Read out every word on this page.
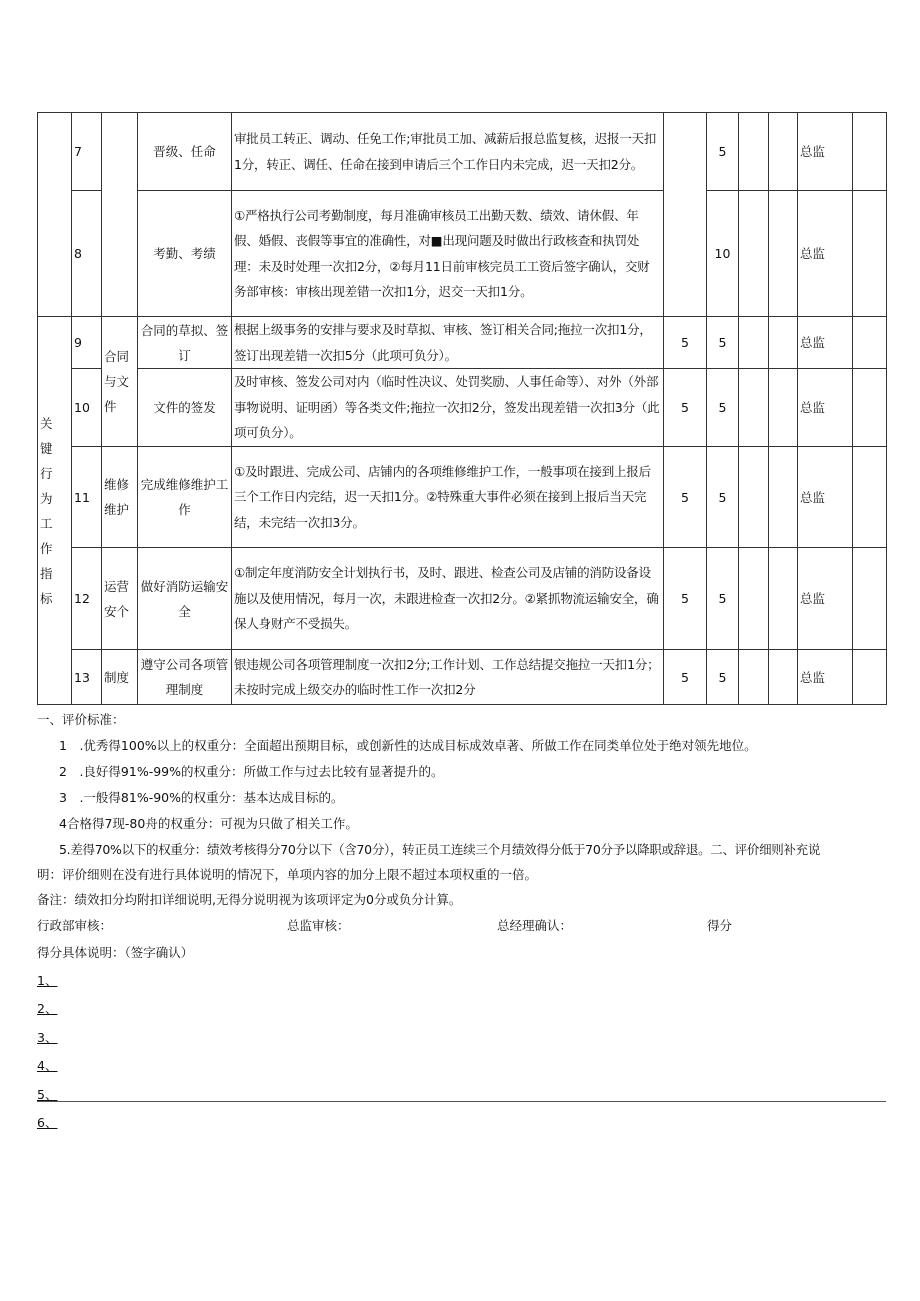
	7		晋级、任命	审批员工转正、调动、任免工作;审批员工加、减薪后报总监复核，迟报一天扣1分，转正、调任、任命在接到申请后三个工作日内未完成，迟一天扣2分。		5			总监	
	8		考勤、考绩	①严格执行公司考勤制度，每月准确审核员工出勤天数、绩效、请休假、年假、婚假、丧假等事宜的准确性，对■出现问题及时做出行政核查和执罚处理：未及时处理一次扣2分，②每月11日前审核完员工工资后签字确认，交财务部审核：审核出现差错一次扣1分，迟交一天扣1分。		10			总监	
关键行为工作指标	9	合同与文件	合同的草拟、签订	根据上级事务的安排与要求及时草拟、审核、签订相关合同;拖拉一次扣1分，签订出现差错一次扣5分（此项可负分）。	5	5			总监	
	10		文件的签发	及时审核、签发公司对内（临时性决议、处罚奖励、人事任命等）、对外（外部事物说明、证明函）等各类文件;拖拉一次扣2分，签发出现差错一次扣3分（此项可负分）。	5	5			总监	
	11	维修维护	完成维修维护工作	①及时跟进、完成公司、店铺内的各项维修维护工作，一般事项在接到上报后三个工作日内完结，迟一天扣1分。②特殊重大事件必须在接到上报后当天完结，未完结一次扣3分。	5	5			总监	
	12	运营安个	做好消防运输安全	①制定年度消防安全计划执行书，及时、跟进、检查公司及店铺的消防设备设施以及使用情况，每月一次，未跟进检查一次扣2分。②紧抓物流运输安全，确保人身财产不受损失。	5	5			总监	
	13	制度	遵守公司各项管理制度	银违规公司各项管理制度一次扣2分;工作计划、工作总结提交拖拉一天扣1分；未按时完成上级交办的临时性工作一次扣2分	5	5			总监	
一、评价标准：
1　.优秀得100%以上的权重分：全面超出预期目标，或创新性的达成目标成效卓著、所做工作在同类单位处于绝对领先地位。
2　.良好得91%-99%的权重分：所做工作与过去比较有显著提升的。
3　.一般得81%-90%的权重分：基本达成目标的。
4合格得7现-80舟的权重分：可视为只做了相关工作。
5.差得70%以下的权重分：绩效考核得分70分以下（含70分），转正员工连续三个月绩效得分低于70分予以降职或辞退。二、评价细则补充说
明：评价细则在没有进行具体说明的情况下，单项内容的加分上限不超过本项权重的一倍。
备注：绩效扣分均附扣详细说明,无得分说明视为该项评定为0分或负分计算。
行政部审核：	总监审核：	总经理确认：	得分
得分具体说明：（签字确认）
1、
2、
3、
4、
5、
6、
